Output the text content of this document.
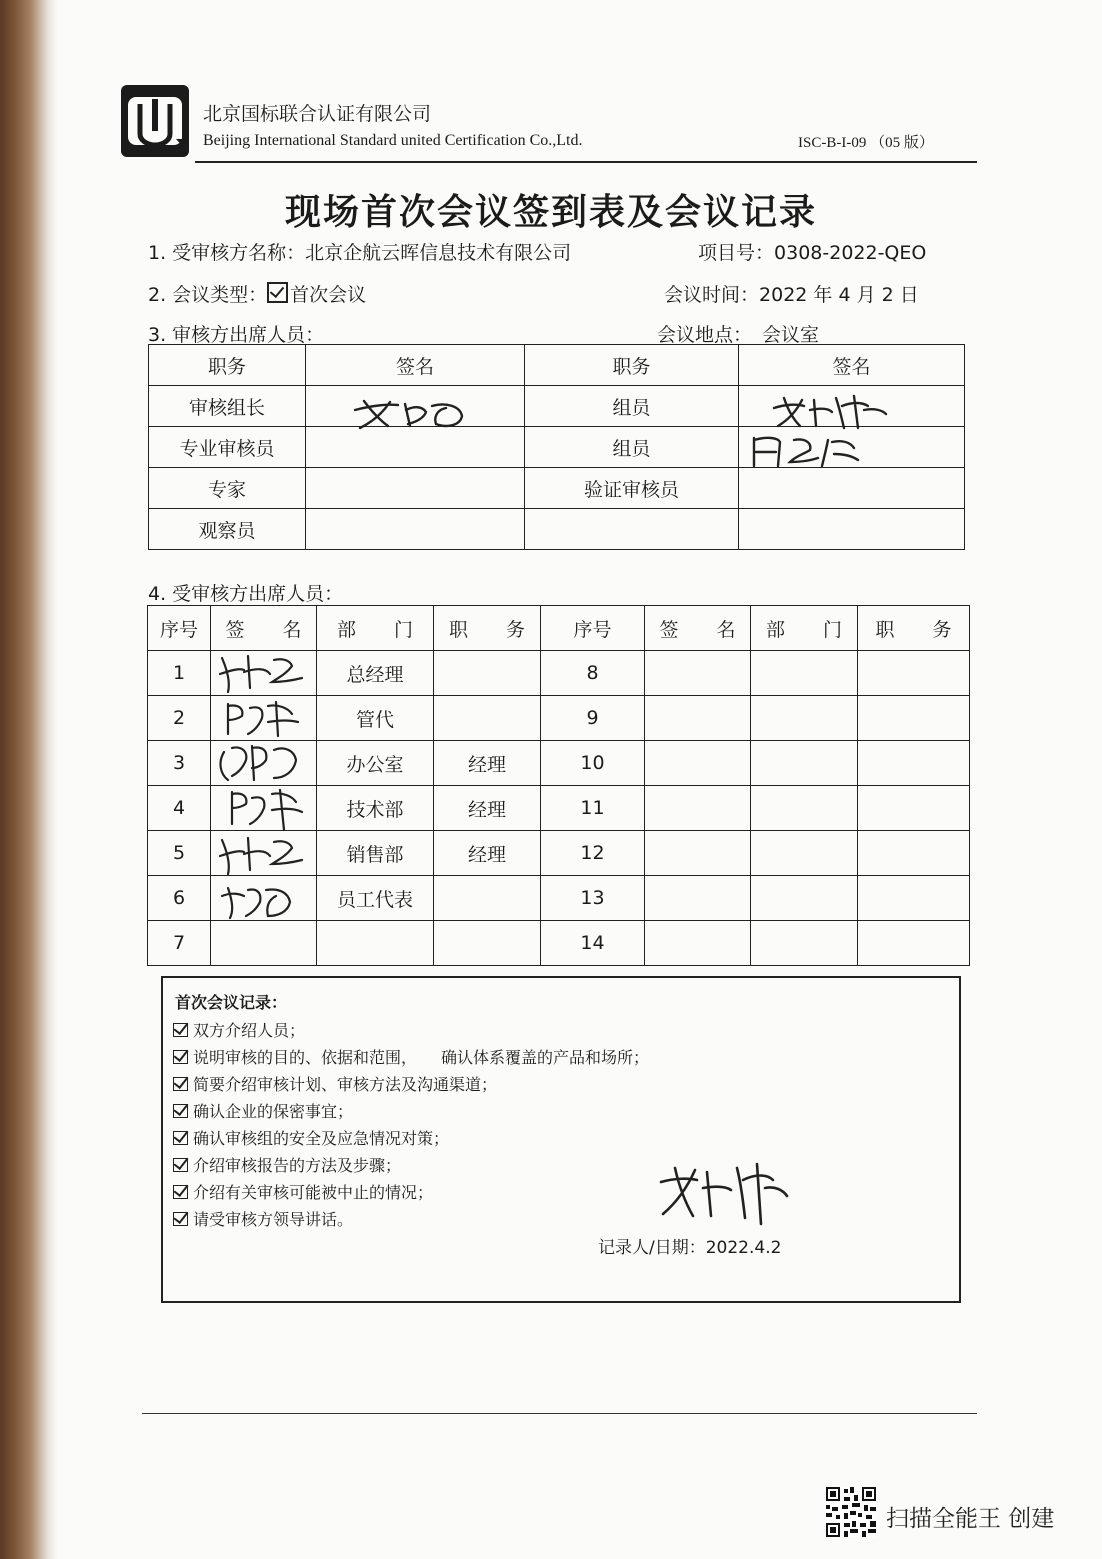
北京国标联合认证有限公司
Beijing International Standard united Certification Co.,Ltd.	ISC-B-I-09 （05 版）
现场首次会议签到表及会议记录
1. 受审核方名称：北京企航云晖信息技术有限公司	项目号：0308-2022-QEO
2. 会议类型： 首次会议	会议时间：2022 年 4 月 2 日
3. 审核方出席人员：	会议地点： 会议室
职务	签名	职务	签名
审核组长		组员	
专业审核员		组员	
专家		验证审核员	
观察员			
4. 受审核方出席人员：
序号	签　　名	部　　门	职　　务	序号	签　　名	部　　门	职　　务
1		总经理		8			
2		管代		9			
3		办公室	经理	10			
4		技术部	经理	11			
5		销售部	经理	12			
6		员工代表		13			
7				14			
首次会议记录：
双方介绍人员；
说明审核的目的、依据和范围，　　确认体系覆盖的产品和场所；
简要介绍审核计划、审核方法及沟通渠道；
确认企业的保密事宜；
确认审核组的安全及应急情况对策；
介绍审核报告的方法及步骤；
介绍有关审核可能被中止的情况；
请受审核方领导讲话。
记录人/日期：2022.4.2
扫描全能王 创建
